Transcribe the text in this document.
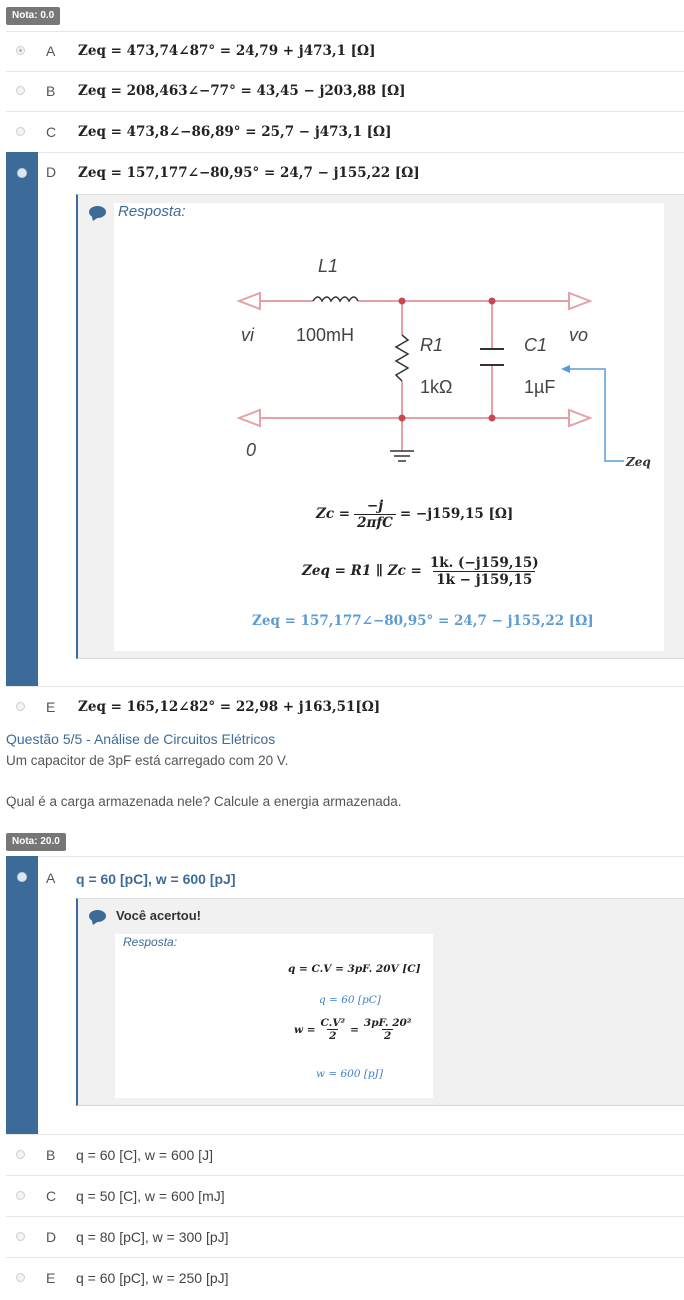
Nota: 0.0
A	Zeq = 473,74∠87° = 24,79 + j473,1 [Ω]
B	Zeq = 208,463∠−77° = 43,45 − j203,88 [Ω]
C Zeq = 473,8∠−86,89° = 25,7 − j473,1 [Ω]
Zeq = 157,177∠−80,95° = 24,7 − j155,22 [Ω]
D
Resposta:
L1
100mH
vi	R1
1kΩ
C1
1µF
vo
0
Zeq
Zc =
−j
2πfC
= −j159,15 [Ω]
Zeq = R1 ∥ $Zc = \frac{1k. (-j159,15)}{1k - j159,15}$
Zeq = 157,177∠−80,95° = 24,7 − j155,22 [Ω]
E	Zeq = 165,12∠82° = 22,98 + j163,51[Ω]
Questão 5/5 - Análise de Circuitos Elétricos
Um capacitor de 3pF está carregado com 20 V.
Qual é a carga armazenada nele? Calcule a energia armazenada.
Nota: 20.0
q = 60 [pC], w = 600 [pJ]
A
Você acertou!
Resposta:
q = C.V = 3pF. 20V [C]
q = 60 [pC]
$w = \frac{\text{C.V²}}{2} = \frac{\text{3pF. 20²}}{2}$
w = 600 [pJ]
B	q = 60 [C], w = 600 [J]
C q = 50 [C], w = 600 [mJ]
D q = 80 [pC], w = 300 [pJ]
E	q = 60 [pC], w = 250 [pJ]
